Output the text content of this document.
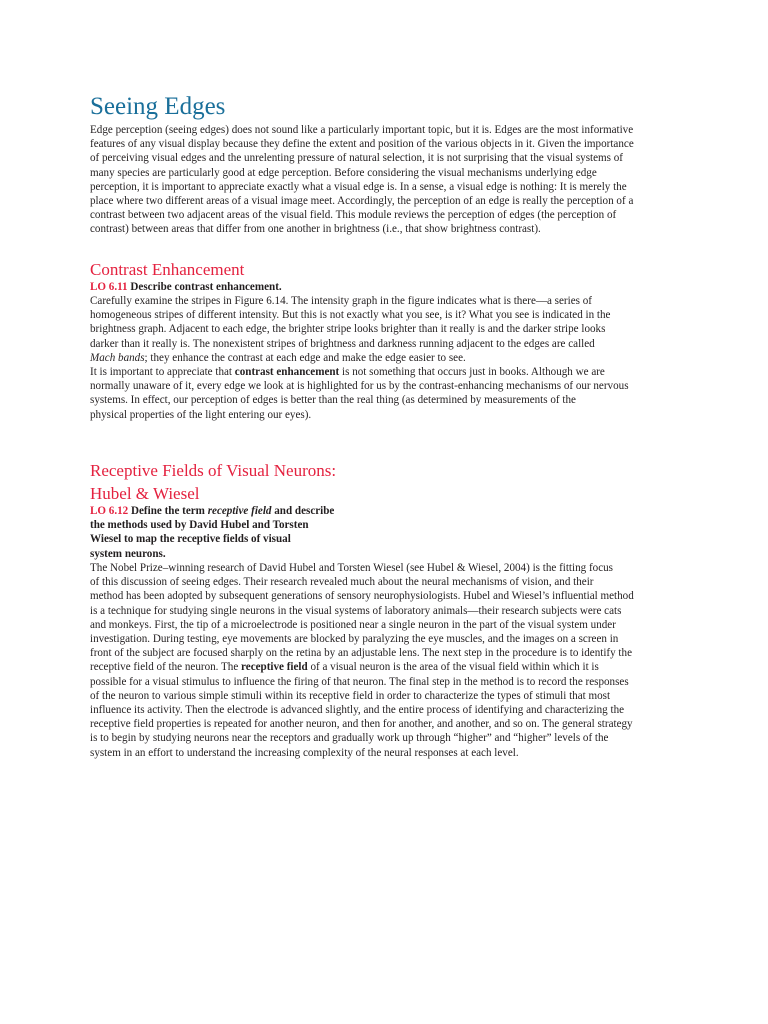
Seeing Edges
Edge perception (seeing edges) does not sound like a particularly important topic, but it is. Edges are the most informative
features of any visual display because they define the extent and position of the various objects in it. Given the importance
of perceiving visual edges and the unrelenting pressure of natural selection, it is not surprising that the visual systems of
many species are particularly good at edge perception. Before considering the visual mechanisms underlying edge
perception, it is important to appreciate exactly what a visual edge is. In a sense, a visual edge is nothing: It is merely the
place where two different areas of a visual image meet. Accordingly, the perception of an edge is really the perception of a
contrast between two adjacent areas of the visual field. This module reviews the perception of edges (the perception of
contrast) between areas that differ from one another in brightness (i.e., that show brightness contrast).
Contrast Enhancement
LO 6.11 Describe contrast enhancement.
Carefully examine the stripes in Figure 6.14. The intensity graph in the figure indicates what is there—a series of
homogeneous stripes of different intensity. But this is not exactly what you see, is it? What you see is indicated in the
brightness graph. Adjacent to each edge, the brighter stripe looks brighter than it really is and the darker stripe looks
darker than it really is. The nonexistent stripes of brightness and darkness running adjacent to the edges are called
Mach bands; they enhance the contrast at each edge and make the edge easier to see.
It is important to appreciate that contrast enhancement is not something that occurs just in books. Although we are
normally unaware of it, every edge we look at is highlighted for us by the contrast-enhancing mechanisms of our nervous
systems. In effect, our perception of edges is better than the real thing (as determined by measurements of the
physical properties of the light entering our eyes).
Receptive Fields of Visual Neurons:
Hubel & Wiesel
LO 6.12 Define the term receptive field and describe
the methods used by David Hubel and Torsten
Wiesel to map the receptive fields of visual
system neurons.
The Nobel Prize–winning research of David Hubel and Torsten Wiesel (see Hubel & Wiesel, 2004) is the fitting focus
of this discussion of seeing edges. Their research revealed much about the neural mechanisms of vision, and their
method has been adopted by subsequent generations of sensory neurophysiologists. Hubel and Wiesel’s influential method
is a technique for studying single neurons in the visual systems of laboratory animals—their research subjects were cats
and monkeys. First, the tip of a microelectrode is positioned near a single neuron in the part of the visual system under
investigation. During testing, eye movements are blocked by paralyzing the eye muscles, and the images on a screen in
front of the subject are focused sharply on the retina by an adjustable lens. The next step in the procedure is to identify the
receptive field of the neuron. The receptive field of a visual neuron is the area of the visual field within which it is
possible for a visual stimulus to influence the firing of that neuron. The final step in the method is to record the responses
of the neuron to various simple stimuli within its receptive field in order to characterize the types of stimuli that most
influence its activity. Then the electrode is advanced slightly, and the entire process of identifying and characterizing the
receptive field properties is repeated for another neuron, and then for another, and another, and so on. The general strategy
is to begin by studying neurons near the receptors and gradually work up through “higher” and “higher” levels of the
system in an effort to understand the increasing complexity of the neural responses at each level.
